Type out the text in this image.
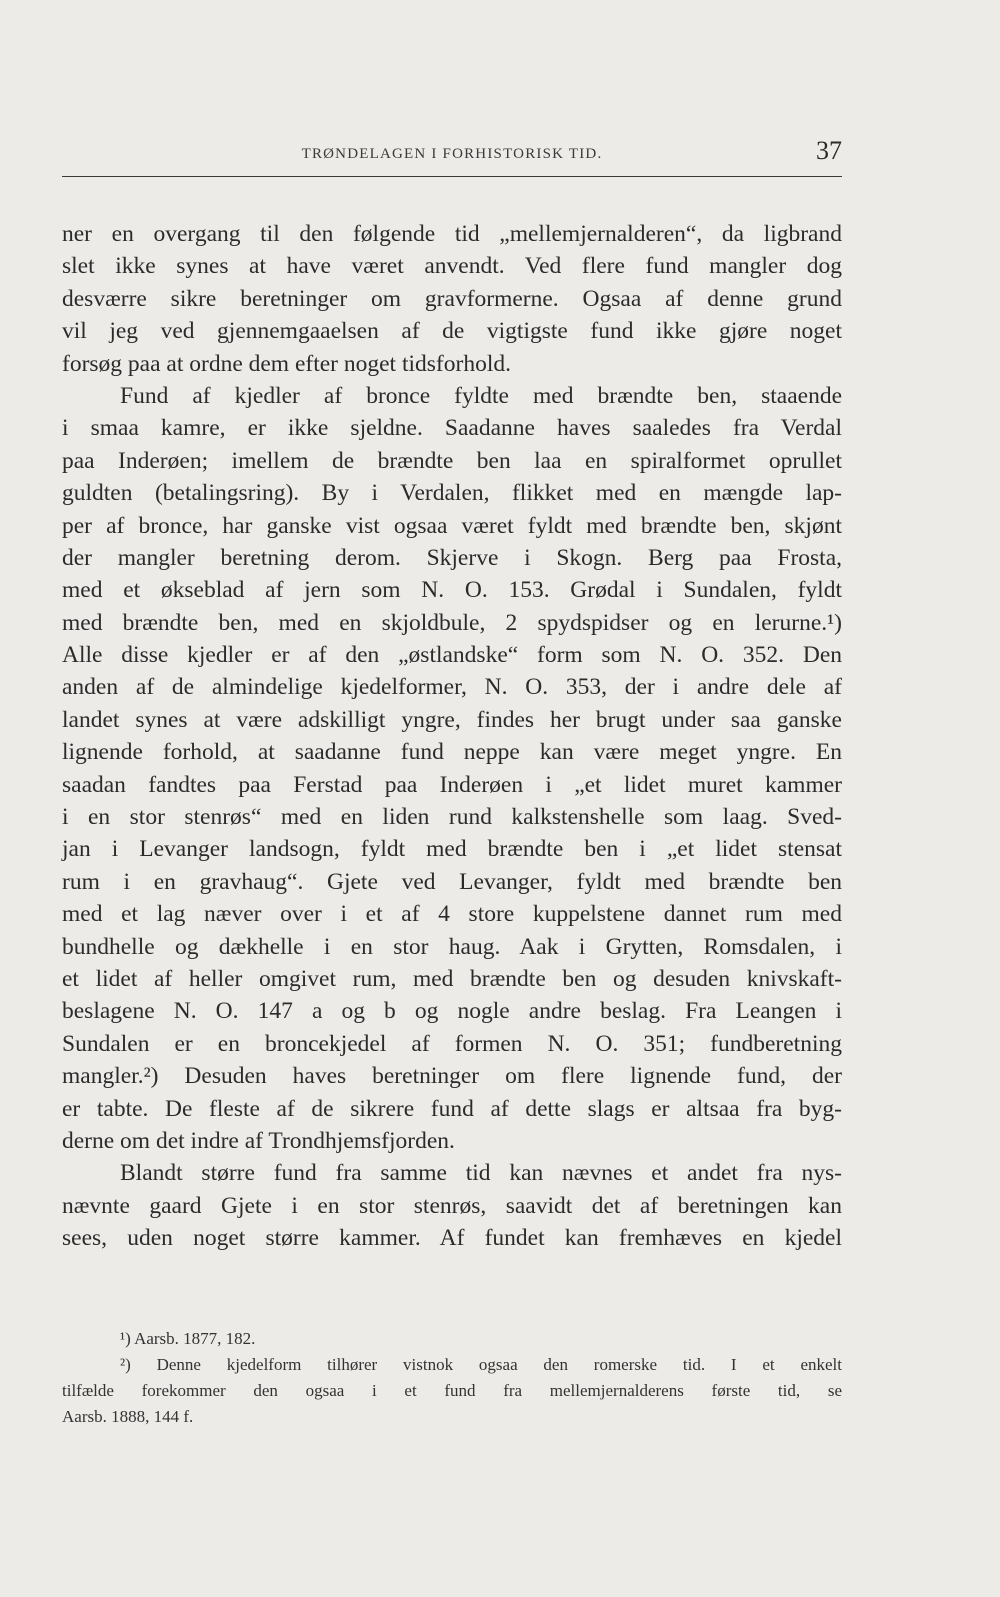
TRØNDELAGEN I FORHISTORISK TID.	37
ner en overgang til den følgende tid „mellemjernalderen“, da ligbrand
slet ikke synes at have været anvendt. Ved flere fund mangler dog
desværre sikre beretninger om gravformerne. Ogsaa af denne grund
vil jeg ved gjennemgaaelsen af de vigtigste fund ikke gjøre noget
forsøg paa at ordne dem efter noget tidsforhold.
Fund af kjedler af bronce fyldte med brændte ben, staaende
i smaa kamre, er ikke sjeldne. Saadanne haves saaledes fra Verdal
paa Inderøen; imellem de brændte ben laa en spiralformet oprullet
guldten (betalingsring). By i Verdalen, flikket med en mængde lap-
per af bronce, har ganske vist ogsaa været fyldt med brændte ben, skjønt
der mangler beretning derom. Skjerve i Skogn. Berg paa Frosta,
med et økseblad af jern som N. O. 153. Grødal i Sundalen, fyldt
med brændte ben, med en skjoldbule, 2 spydspidser og en lerurne.¹)
Alle disse kjedler er af den „østlandske“ form som N. O. 352. Den
anden af de almindelige kjedelformer, N. O. 353, der i andre dele af
landet synes at være adskilligt yngre, findes her brugt under saa ganske
lignende forhold, at saadanne fund neppe kan være meget yngre. En
saadan fandtes paa Ferstad paa Inderøen i „et lidet muret kammer
i en stor stenrøs“ med en liden rund kalkstenshelle som laag. Sved-
jan i Levanger landsogn, fyldt med brændte ben i „et lidet stensat
rum i en gravhaug“. Gjete ved Levanger, fyldt med brændte ben
med et lag næver over i et af 4 store kuppelstene dannet rum med
bundhelle og dækhelle i en stor haug. Aak i Grytten, Romsdalen, i
et lidet af heller omgivet rum, med brændte ben og desuden knivskaft-
beslagene N. O. 147 a og b og nogle andre beslag. Fra Leangen i
Sundalen er en broncekjedel af formen N. O. 351; fundberetning
mangler.²) Desuden haves beretninger om flere lignende fund, der
er tabte. De fleste af de sikrere fund af dette slags er altsaa fra byg-
derne om det indre af Trondhjemsfjorden.
Blandt større fund fra samme tid kan nævnes et andet fra nys-
nævnte gaard Gjete i en stor stenrøs, saavidt det af beretningen kan
sees, uden noget større kammer. Af fundet kan fremhæves en kjedel
¹) Aarsb. 1877, 182.
²) Denne kjedelform tilhører vistnok ogsaa den romerske tid. I et enkelt
tilfælde forekommer den ogsaa i et fund fra mellemjernalderens første tid, se
Aarsb. 1888, 144 f.
